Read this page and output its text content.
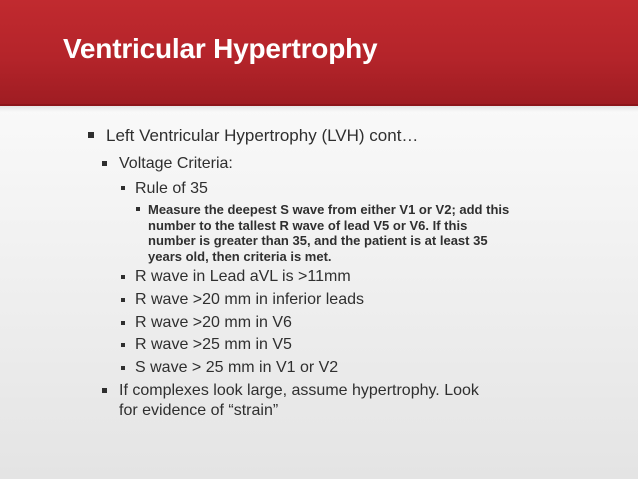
Ventricular Hypertrophy
Left Ventricular Hypertrophy (LVH) cont…
Voltage Criteria:
Rule of 35
Measure the deepest S wave from either V1 or V2; add this
number to the tallest R wave of lead V5 or V6. If this
number is greater than 35, and the patient is at least 35
years old, then criteria is met.
R wave in Lead aVL is >11mm
R wave >20 mm in inferior leads
R wave >20 mm in V6
R wave >25 mm in V5
S wave > 25 mm in V1 or V2
If complexes look large, assume hypertrophy. Look
for evidence of “strain”
